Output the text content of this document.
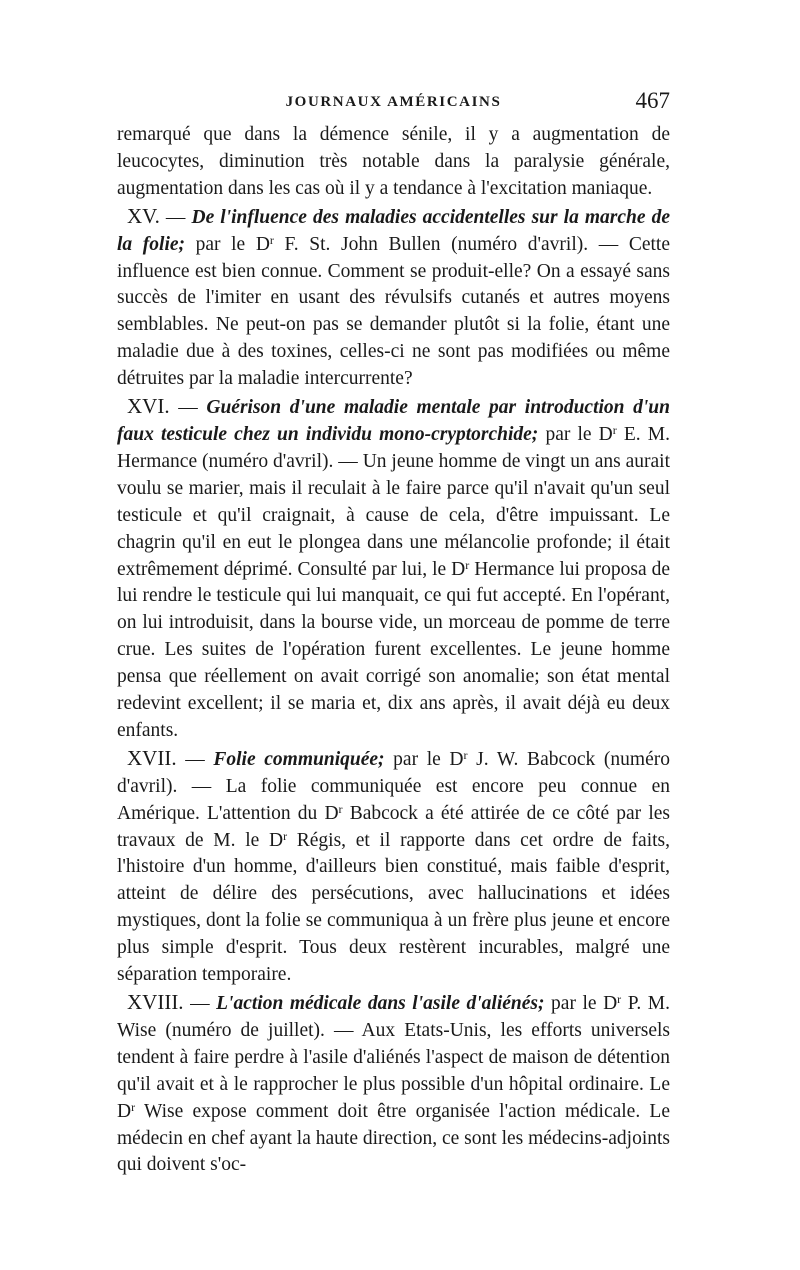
JOURNAUX AMÉRICAINS	467

remarqué que dans la démence sénile, il y a augmentation de leucocytes, diminution très notable dans la paralysie générale, augmentation dans les cas où il y a tendance à l'excitation maniaque.

XV. — De l'influence des maladies accidentelles sur la marche de la folie; par le $D^r$ F. St. John Bullen (numéro d'avril). — Cette influence est bien connue. Comment se produit-elle? On a essayé sans succès de l'imiter en usant des révulsifs cutanés et autres moyens semblables. Ne peut-on pas se demander plutôt si la folie, étant une maladie due à des toxines, celles-ci ne sont pas modifiées ou même détruites par la maladie intercurrente?

XVI. — Guérison d'une maladie mentale par introduction d'un faux testicule chez un individu mono-cryptorchide; par le $D^r$ E. M. Hermance (numéro d'avril). — Un jeune homme de vingt un ans aurait voulu se marier, mais il reculait à le faire parce qu'il n'avait qu'un seul testicule et qu'il craignait, à cause de cela, d'être impuissant. Le chagrin qu'il en eut le plongea dans une mélancolie profonde; il était extrêmement déprimé. Consulté par lui, le $D^r$ Hermance lui proposa de lui rendre le testicule qui lui manquait, ce qui fut accepté. En l'opérant, on lui introduisit, dans la bourse vide, un morceau de pomme de terre crue. Les suites de l'opération furent excellentes. Le jeune homme pensa que réellement on avait corrigé son anomalie; son état mental redevint excellent; il se maria et, dix ans après, il avait déjà eu deux enfants.

XVII. — Folie communiquée; par le $D^r$ J. W. Babcock (numéro d'avril). — La folie communiquée est encore peu connue en Amérique. L'attention du $D^r$ Babcock a été attirée de ce côté par les travaux de M. le $D^r$ Régis, et il rapporte dans cet ordre de faits, l'histoire d'un homme, d'ailleurs bien constitué, mais faible d'esprit, atteint de délire des persécutions, avec hallucinations et idées mystiques, dont la folie se communiqua à un frère plus jeune et encore plus simple d'esprit. Tous deux restèrent incurables, malgré une séparation temporaire.

XVIII. — L'action médicale dans l'asile d'aliénés; par le $D^r$ P. M. Wise (numéro de juillet). — Aux Etats-Unis, les efforts universels tendent à faire perdre à l'asile d'aliénés l'aspect de maison de détention qu'il avait et à le rapprocher le plus possible d'un hôpital ordinaire. Le $D^r$ Wise expose comment doit être organisée l'action médicale. Le médecin en chef ayant la haute direction, ce sont les médecins-adjoints qui doivent s'oc-
